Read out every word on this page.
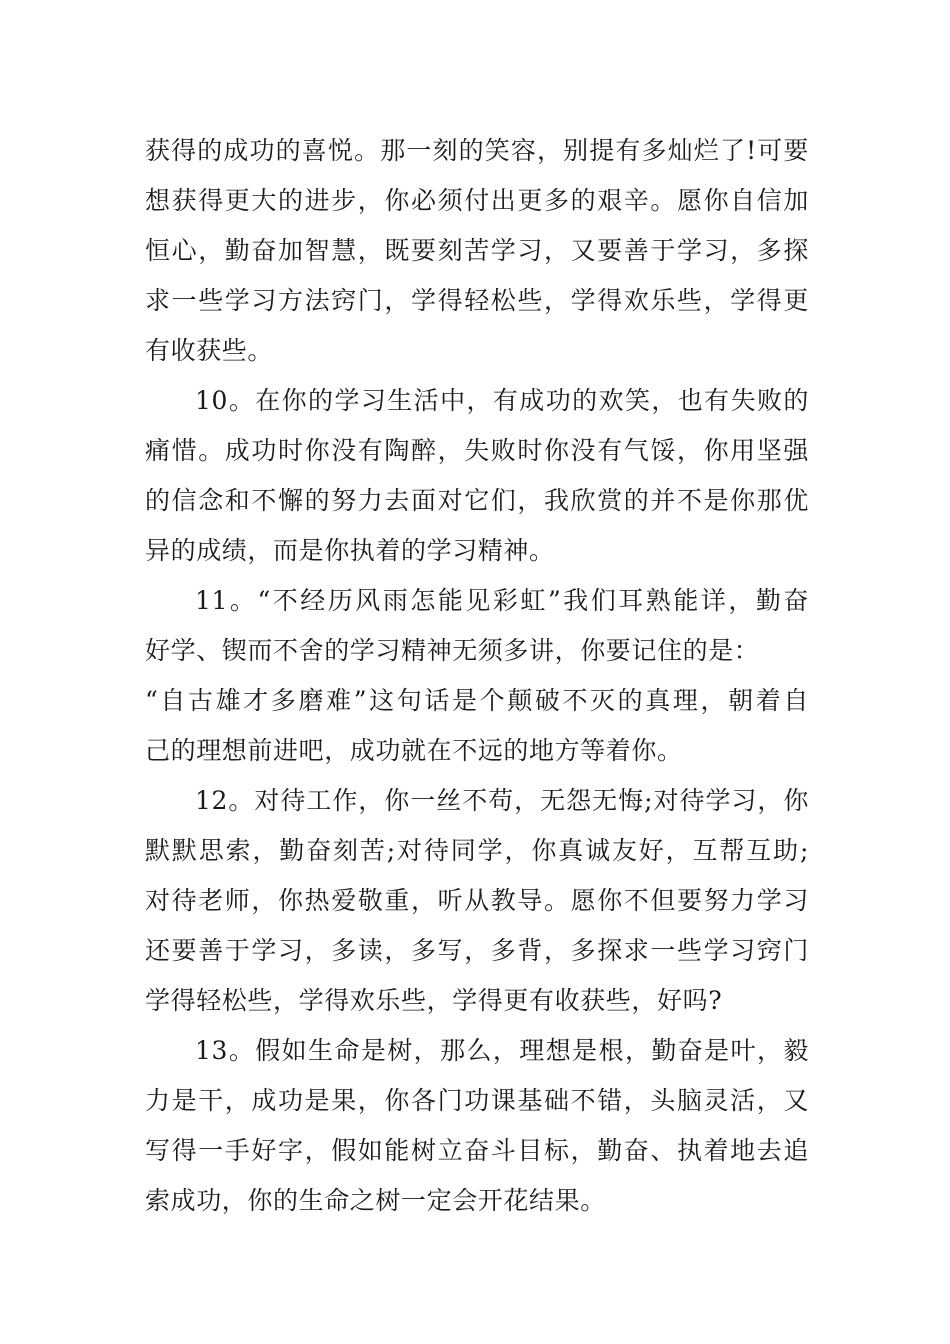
获得的成功的喜悦。那一刻的笑容，别提有多灿烂了!可要
想获得更大的进步，你必须付出更多的艰辛。愿你自信加
恒心，勤奋加智慧，既要刻苦学习，又要善于学习，多探
求一些学习方法窍门，学得轻松些，学得欢乐些，学得更
有收获些。

10。在你的学习生活中，有成功的欢笑，也有失败的
痛惜。成功时你没有陶醉，失败时你没有气馁，你用坚强
的信念和不懈的努力去面对它们，我欣赏的并不是你那优
异的成绩，而是你执着的学习精神。

11。“不经历风雨怎能见彩虹”我们耳熟能详，勤奋
好学、锲而不舍的学习精神无须多讲，你要记住的是：
“自古雄才多磨难”这句话是个颠破不灭的真理，朝着自
己的理想前进吧，成功就在不远的地方等着你。

12。对待工作，你一丝不苟，无怨无悔;对待学习，你
默默思索，勤奋刻苦;对待同学，你真诚友好，互帮互助;
对待老师，你热爱敬重，听从教导。愿你不但要努力学习
还要善于学习，多读，多写，多背，多探求一些学习窍门
学得轻松些，学得欢乐些，学得更有收获些，好吗?

13。假如生命是树，那么，理想是根，勤奋是叶，毅
力是干，成功是果，你各门功课基础不错，头脑灵活，又
写得一手好字，假如能树立奋斗目标，勤奋、执着地去追
索成功，你的生命之树一定会开花结果。
